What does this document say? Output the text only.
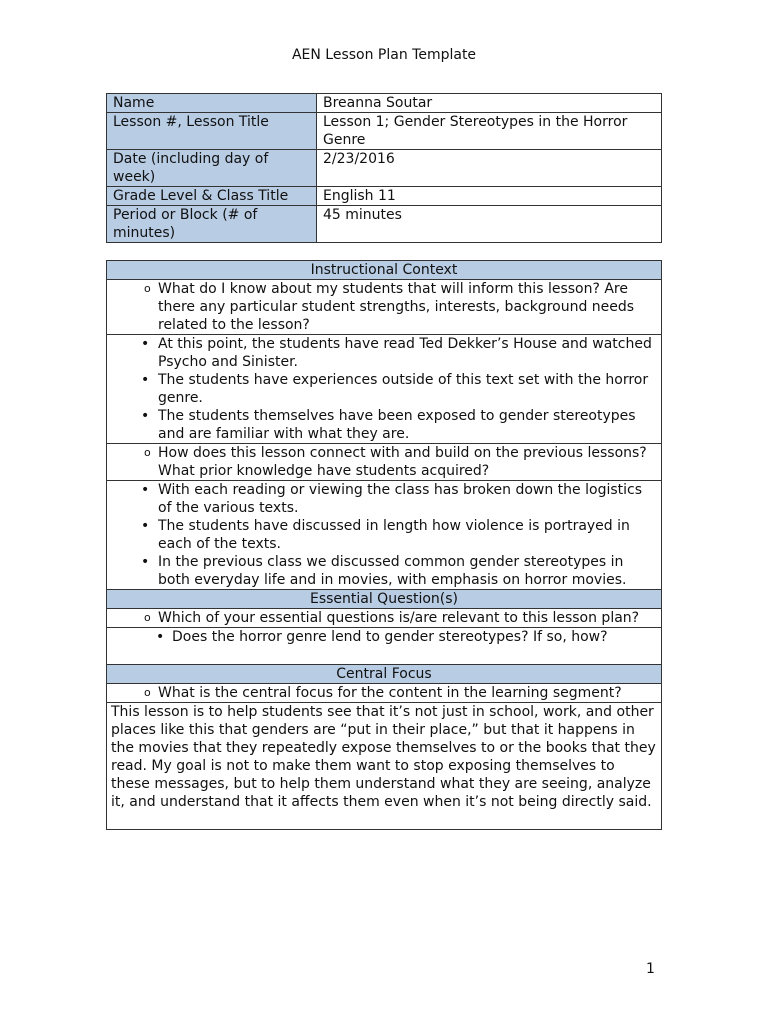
AEN Lesson Plan Template
Name	Breanna Soutar
Lesson #, Lesson Title	Lesson 1; Gender Stereotypes in the Horror Genre
Date (including day of week)	2/23/2016
Grade Level & Class Title	English 11
Period or Block (# of minutes)	45 minutes
Instructional Context

o What do I know about my students that will inform this lesson? Are there any particular student strengths, interests, background needs related to the lesson?

• At this point, the students have read Ted Dekker’s House and watched Psycho and Sinister.
• The students have experiences outside of this text set with the horror genre.
• The students themselves have been exposed to gender stereotypes and are familiar with what they are.

o How does this lesson connect with and build on the previous lessons? What prior knowledge have students acquired?

• With each reading or viewing the class has broken down the logistics of the various texts.
• The students have discussed in length how violence is portrayed in each of the texts.
• In the previous class we discussed common gender stereotypes in both everyday life and in movies, with emphasis on horror movies.

Essential Question(s)

o Which of your essential questions is/are relevant to this lesson plan?

• Does the horror genre lend to gender stereotypes? If so, how?

Central Focus

o What is the central focus for the content in the learning segment?

This lesson is to help students see that it’s not just in school, work, and other places like this that genders are “put in their place,” but that it happens in the movies that they repeatedly expose themselves to or the books that they read. My goal is not to make them want to stop exposing themselves to these messages, but to help them understand what they are seeing, analyze it, and understand that it affects them even when it’s not being directly said.
1
